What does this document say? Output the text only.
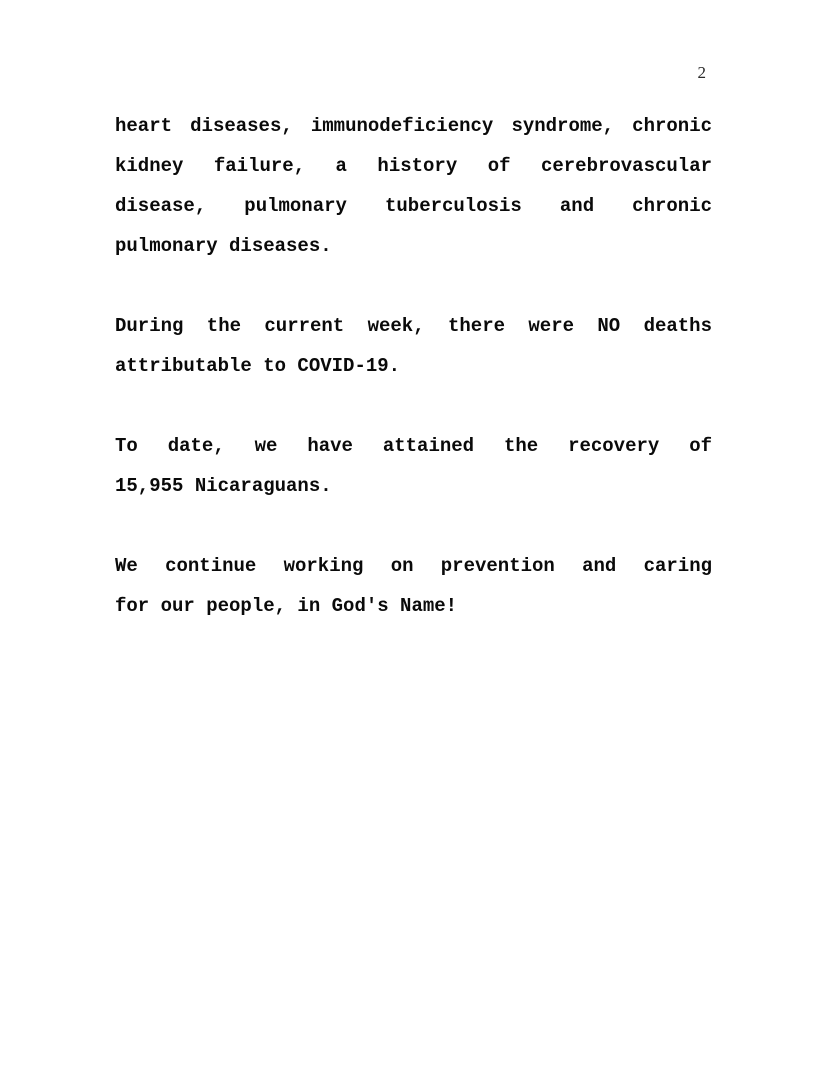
2
heart diseases, immunodeficiency syndrome, chronic
kidney failure, a history of cerebrovascular
disease, pulmonary tuberculosis and chronic
pulmonary diseases.
During the current week, there were NO deaths
attributable to COVID-19.
To date, we have attained the recovery of
15,955 Nicaraguans.
We continue working on prevention and caring
for our people, in God's Name!
